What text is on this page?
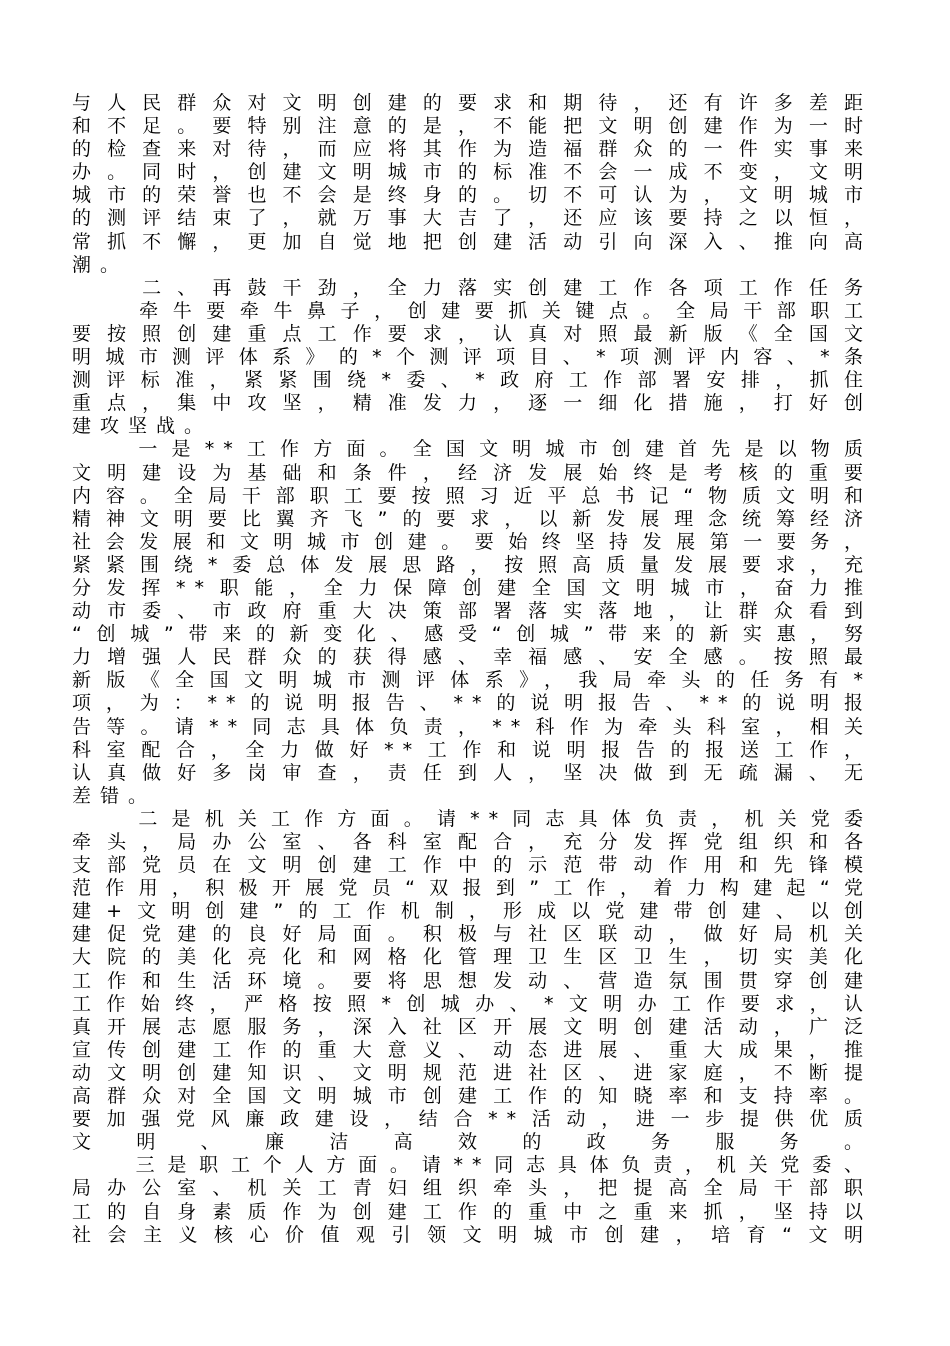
与人民群众对文明创建的要求和期待，还有许多差距
和不足。要特别注意的是，不能把文明创建作为一时
的检查来对待，而应将其作为造福群众的一件实事来
办。同时，创建文明城市的标准不会一成不变，文明
城市的荣誉也不会是终身的。切不可认为，文明城市
的测评结束了，就万事大吉了，还应该要持之以恒，
常抓不懈，更加自觉地把创建活动引向深入、推向高
潮。
　　二、再鼓干劲，全力落实创建工作各项工作任务
　　牵牛要牵牛鼻子，创建要抓关键点。全局干部职工
要按照创建重点工作要求，认真对照最新版《全国文
明城市测评体系》的*个测评项目、*项测评内容、*条
测评标准，紧紧围绕*委、*政府工作部署安排，抓住
重点，集中攻坚，精准发力，逐一细化措施，打好创
建攻坚战。
　　一是**工作方面。全国文明城市创建首先是以物质
文明建设为基础和条件，经济发展始终是考核的重要
内容。全局干部职工要按照习近平总书记“物质文明和
精神文明要比翼齐飞”的要求，以新发展理念统筹经济
社会发展和文明城市创建。要始终坚持发展第一要务，
紧紧围绕*委总体发展思路，按照高质量发展要求，充
分发挥**职能，全力保障创建全国文明城市，奋力推
动市委、市政府重大决策部署落实落地，让群众看到
“创城”带来的新变化、感受“创城”带来的新实惠，努
力增强人民群众的获得感、幸福感、安全感。按照最
新版《全国文明城市测评体系》，我局牵头的任务有*
项，为：**的说明报告、**的说明报告、**的说明报
告等。请**同志具体负责，**科作为牵头科室，相关
科室配合，全力做好**工作和说明报告的报送工作，
认真做好多岗审查，责任到人，坚决做到无疏漏、无
差错。
　　二是机关工作方面。请**同志具体负责，机关党委
牵头，局办公室、各科室配合，充分发挥党组织和各
支部党员在文明创建工作中的示范带动作用和先锋模
范作用，积极开展党员“双报到”工作，着力构建起“党
建+文明创建”的工作机制，形成以党建带创建、以创
建促党建的良好局面。积极与社区联动，做好局机关
大院的美化亮化和网格化管理卫生区卫生，切实美化
工作和生活环境。要将思想发动、营造氛围贯穿创建
工作始终，严格按照*创城办、*文明办工作要求，认
真开展志愿服务，深入社区开展文明创建活动，广泛
宣传创建工作的重大意义、动态进展、重大成果，推
动文明创建知识、文明规范进社区、进家庭，不断提
高群众对全国文明城市创建工作的知晓率和支持率。
要加强党风廉政建设，结合**活动，进一步提供优质
文明、廉洁高效的政务服务。
　　三是职工个人方面。请**同志具体负责，机关党委、
局办公室、机关工青妇组织牵头，把提高全局干部职
工的自身素质作为创建工作的重中之重来抓，坚持以
社会主义核心价值观引领文明城市创建，培育“文明
